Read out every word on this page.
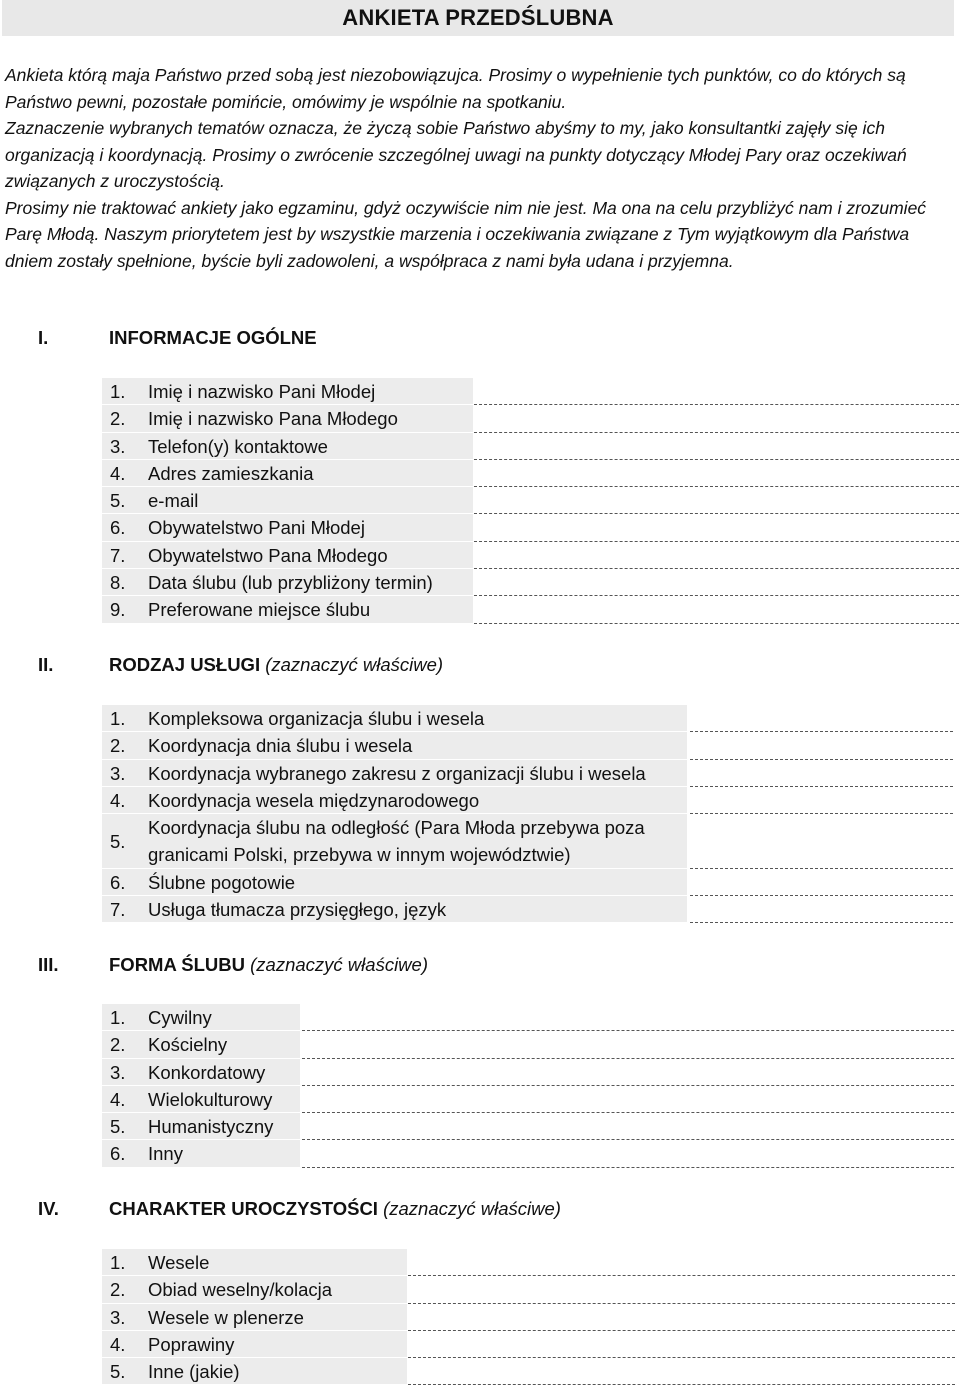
ANKIETA PRZEDŚLUBNA
Ankieta którą maja Państwo przed sobą jest niezobowiązujca. Prosimy o wypełnienie tych punktów, co do których są Państwo pewni, pozostałe pomińcie, omówimy je wspólnie na spotkaniu.
Zaznaczenie wybranych tematów oznacza, że życzą sobie Państwo abyśmy to my, jako konsultantki zajęły się ich organizacją i koordynacją. Prosimy o zwrócenie szczególnej uwagi na punkty dotyczący Młodej Pary oraz oczekiwań związanych z uroczystością.
Prosimy nie traktować ankiety jako egzaminu, gdyż oczywiście nim nie jest. Ma ona na celu przybliżyć nam i zrozumieć Parę Młodą. Naszym priorytetem jest by wszystkie marzenia i oczekiwania związane z Tym wyjątkowym dla Państwa dniem zostały spełnione, byście byli zadowoleni, a współpraca z nami była udana i przyjemna.
I.	INFORMACJE OGÓLNE
1. Imię i nazwisko Pani Młodej
2. Imię i nazwisko Pana Młodego
3. Telefon(y) kontaktowe
4. Adres zamieszkania
5. e-mail
6. Obywatelstwo Pani Młodej
7. Obywatelstwo Pana Młodego
8. Data ślubu (lub przybliżony termin)
9. Preferowane miejsce ślubu
II.	RODZAJ USŁUGI (zaznaczyć właściwe)
1. Kompleksowa organizacja ślubu i wesela
2. Koordynacja dnia ślubu i wesela
3. Koordynacja wybranego zakresu z organizacji ślubu i wesela
4. Koordynacja wesela międzynarodowego
5.
Koordynacja ślubu na odległość (Para Młoda przebywa poza
granicami Polski, przebywa w innym województwie)
6. Ślubne pogotowie
7. Usługa tłumacza przysięgłego, język
III.	FORMA ŚLUBU (zaznaczyć właściwe)
1. Cywilny
2. Kościelny
3. Konkordatowy
4. Wielokulturowy
5. Humanistyczny
6. Inny
IV.	CHARAKTER UROCZYSTOŚCI (zaznaczyć właściwe)
1. Wesele
2. Obiad weselny/kolacja
3. Wesele w plenerze
4. Poprawiny
5. Inne (jakie)
